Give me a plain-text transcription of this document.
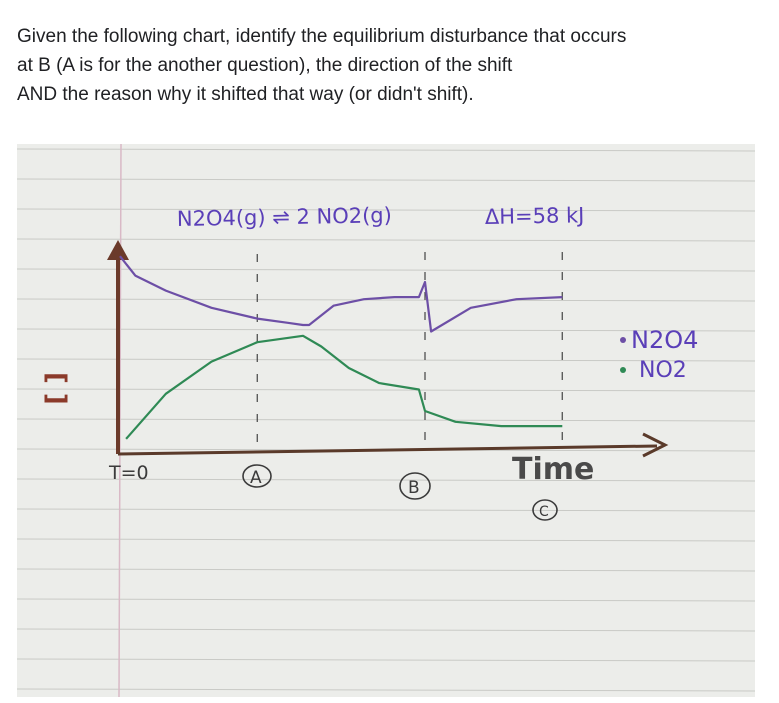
Given the following chart, identify the equilibrium disturbance that occurs
at B (A is for the another question), the direction of the shift
AND the reason why it shifted that way (or didn't shift).
N2O4(g) ⇌ 2 NO2(g)	ΔH=58 kJ
[ ]
T=0	A	B
C
Time
N2O4
NO2
